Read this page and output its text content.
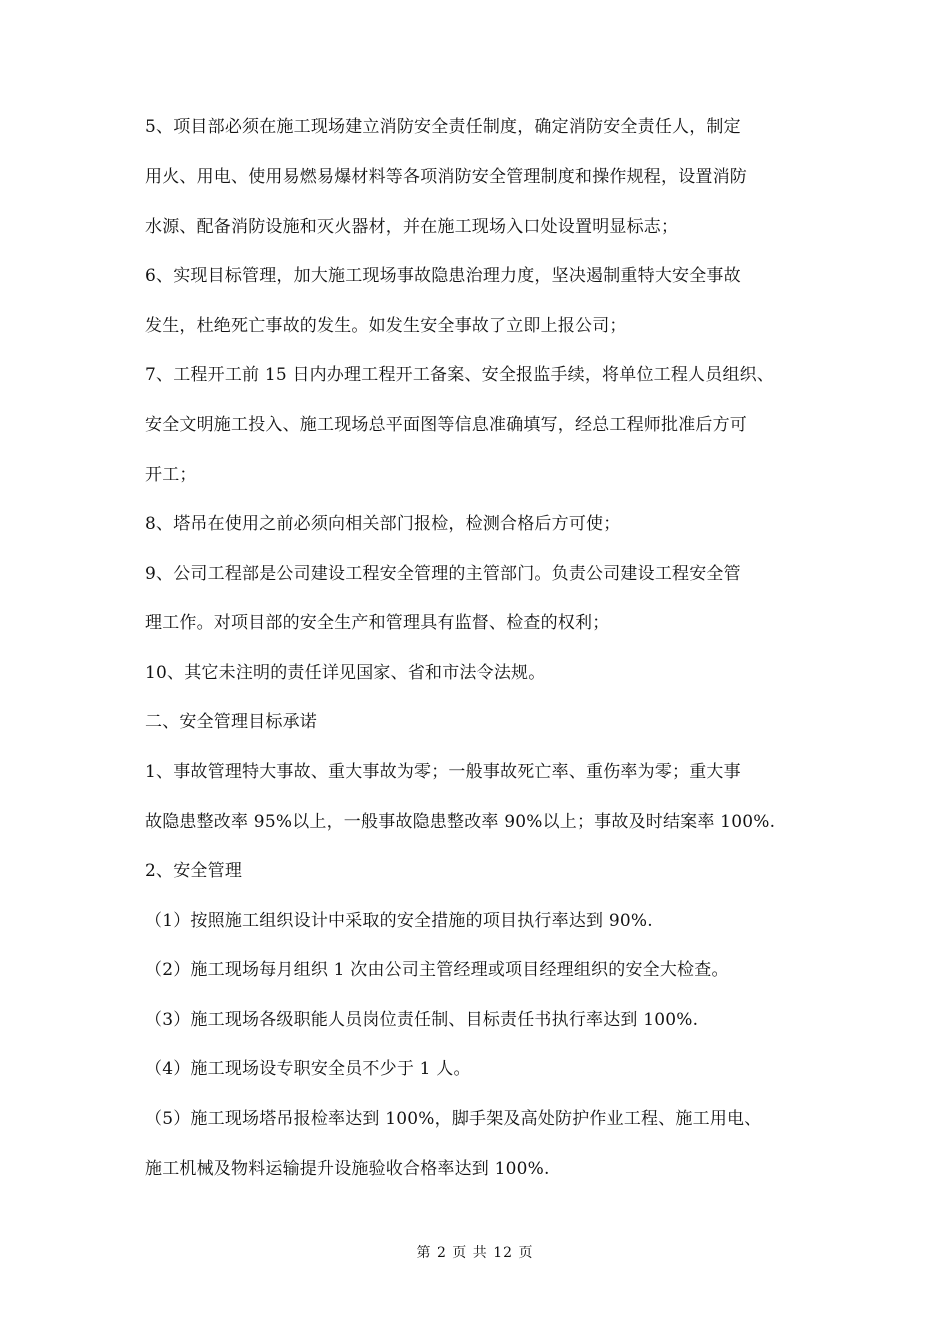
5、项目部必须在施工现场建立消防安全责任制度，确定消防安全责任人，制定
用火、用电、使用易燃易爆材料等各项消防安全管理制度和操作规程，设置消防
水源、配备消防设施和灭火器材，并在施工现场入口处设置明显标志；
6、实现目标管理，加大施工现场事故隐患治理力度，坚决遏制重特大安全事故
发生，杜绝死亡事故的发生。如发生安全事故了立即上报公司；
7、工程开工前 15 日内办理工程开工备案、安全报监手续，将单位工程人员组织、
安全文明施工投入、施工现场总平面图等信息准确填写，经总工程师批准后方可
开工；
8、塔吊在使用之前必须向相关部门报检，检测合格后方可使；
9、公司工程部是公司建设工程安全管理的主管部门。负责公司建设工程安全管
理工作。对项目部的安全生产和管理具有监督、检查的权利；
10、其它未注明的责任详见国家、省和市法令法规。
二、安全管理目标承诺
1、事故管理特大事故、重大事故为零；一般事故死亡率、重伤率为零；重大事
故隐患整改率 95%以上，一般事故隐患整改率 90%以上；事故及时结案率 100%.
2、安全管理
（1）按照施工组织设计中采取的安全措施的项目执行率达到 90%.
（2）施工现场每月组织 1 次由公司主管经理或项目经理组织的安全大检查。
（3）施工现场各级职能人员岗位责任制、目标责任书执行率达到 100%.
（4）施工现场设专职安全员不少于 1 人。
（5）施工现场塔吊报检率达到 100%，脚手架及高处防护作业工程、施工用电、
施工机械及物料运输提升设施验收合格率达到 100%.
第 2 页 共 12 页
